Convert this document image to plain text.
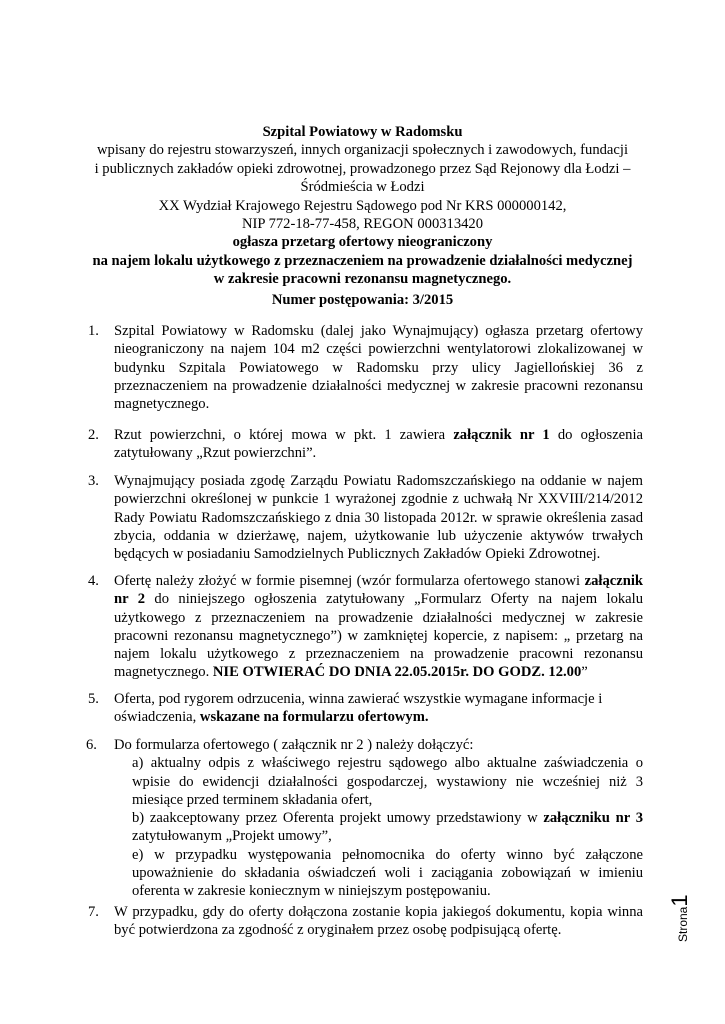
Szpital Powiatowy w Radomsku
wpisany do rejestru stowarzyszeń, innych organizacji społecznych i zawodowych, fundacji
i publicznych zakładów opieki zdrowotnej, prowadzonego przez Sąd Rejonowy dla Łodzi –
Śródmieścia w Łodzi
XX Wydział Krajowego Rejestru Sądowego pod Nr KRS 000000142,
NIP 772-18-77-458, REGON 000313420
ogłasza przetarg ofertowy nieograniczony
na najem lokalu użytkowego z przeznaczeniem na prowadzenie działalności medycznej
w zakresie pracowni rezonansu magnetycznego.
Numer postępowania: 3/2015
1. Szpital Powiatowy w Radomsku (dalej jako Wynajmujący) ogłasza przetarg ofertowy nieograniczony na najem 104 m2 części powierzchni wentylatorowi zlokalizowanej w budynku Szpitala Powiatowego w Radomsku przy ulicy Jagiellońskiej 36 z przeznaczeniem na prowadzenie działalności medycznej w zakresie pracowni rezonansu magnetycznego.
2. Rzut powierzchni, o której mowa w pkt. 1 zawiera załącznik nr 1 do ogłoszenia zatytułowany „Rzut powierzchni”.
3. Wynajmujący posiada zgodę Zarządu Powiatu Radomszczańskiego na oddanie w najem powierzchni określonej w punkcie 1 wyrażonej zgodnie z uchwałą Nr XXVIII/214/2012 Rady Powiatu Radomszczańskiego z dnia 30 listopada 2012r. w sprawie określenia zasad zbycia, oddania w dzierżawę, najem, użytkowanie lub użyczenie aktywów trwałych będących w posiadaniu Samodzielnych Publicznych Zakładów Opieki Zdrowotnej.
4. Ofertę należy złożyć w formie pisemnej (wzór formularza ofertowego stanowi załącznik nr 2 do niniejszego ogłoszenia zatytułowany „Formularz Oferty na najem lokalu użytkowego z przeznaczeniem na prowadzenie działalności medycznej w zakresie pracowni rezonansu magnetycznego”) w zamkniętej kopercie, z napisem: „ przetarg na najem lokalu użytkowego z przeznaczeniem na prowadzenie pracowni rezonansu magnetycznego. NIE OTWIERAĆ DO DNIA 22.05.2015r. DO GODZ. 12.00”
5. Oferta, pod rygorem odrzucenia, winna zawierać wszystkie wymagane informacje i oświadczenia, wskazane na formularzu ofertowym.
6. Do formularza ofertowego ( załącznik nr 2 ) należy dołączyć:
a) aktualny odpis z właściwego rejestru sądowego albo aktualne zaświadczenia o wpisie do ewidencji działalności gospodarczej, wystawiony nie wcześniej niż 3 miesiące przed terminem składania ofert,
b) zaakceptowany przez Oferenta projekt umowy przedstawiony w załączniku nr 3 zatytułowanym „Projekt umowy”,
e) w przypadku występowania pełnomocnika do oferty winno być załączone upoważnienie do składania oświadczeń woli i zaciągania zobowiązań w imieniu oferenta w zakresie koniecznym w niniejszym postępowaniu.
7. W przypadku, gdy do oferty dołączona zostanie kopia jakiegoś dokumentu, kopia winna być potwierdzona za zgodność z oryginałem przez osobę podpisującą ofertę.	Strona1
